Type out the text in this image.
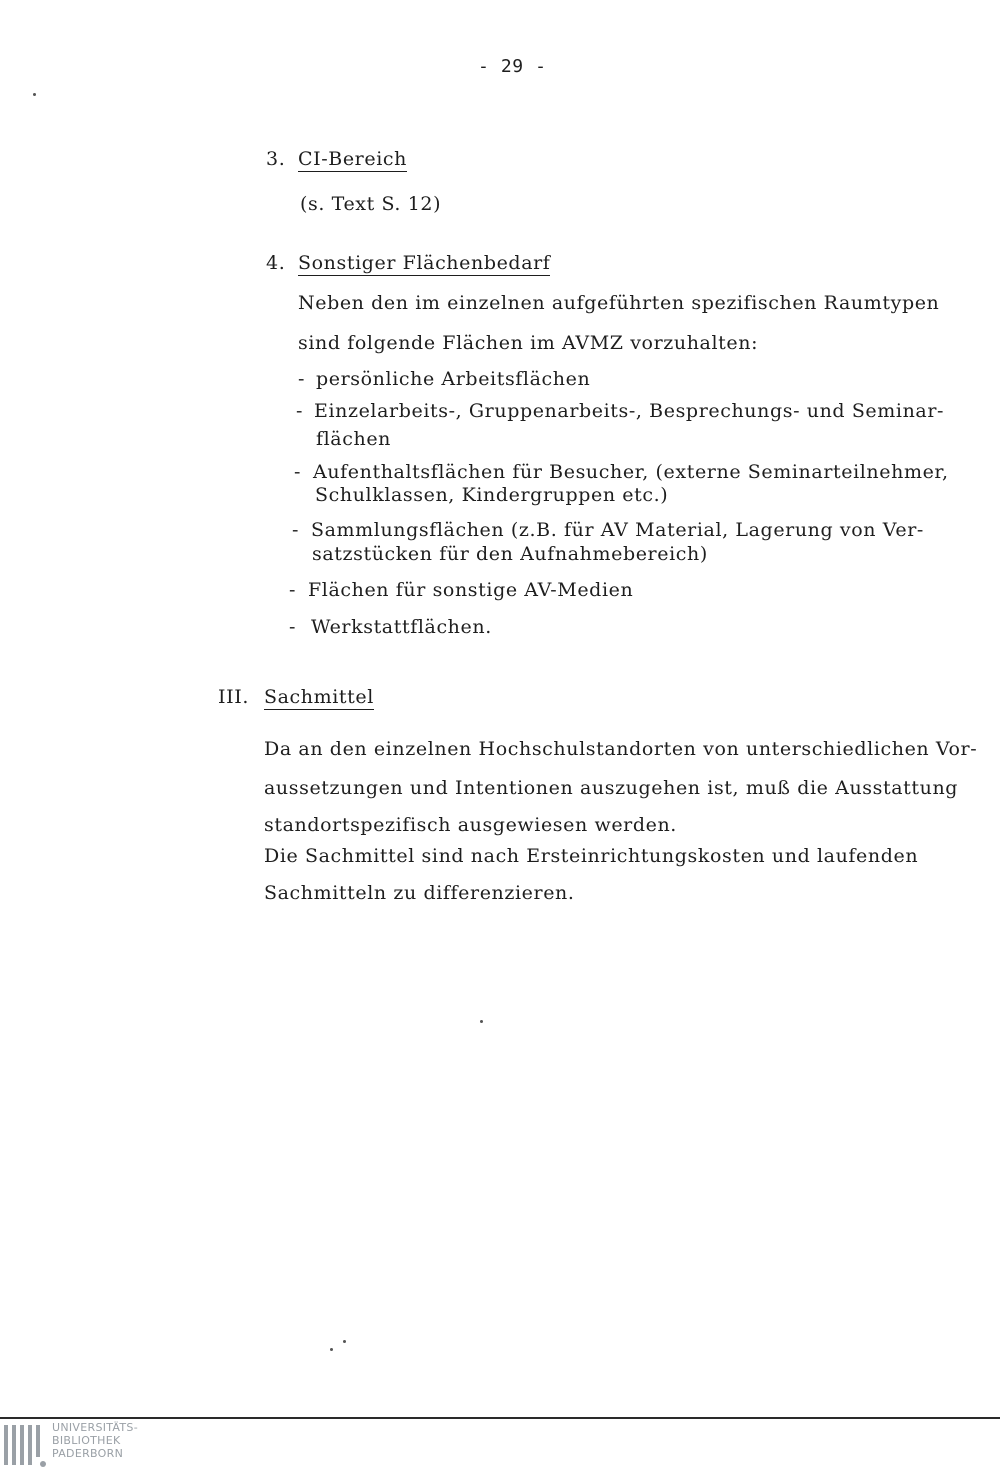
- 29 -
3. CI-Bereich
(s. Text S. 12)
4. Sonstiger Flächenbedarf
Neben den im einzelnen aufgeführten spezifischen Raumtypen
sind folgende Flächen im AVMZ vorzuhalten:
- persönliche Arbeitsflächen
- Einzelarbeits-, Gruppenarbeits-, Besprechungs- und Seminar-
flächen
- Aufenthaltsflächen für Besucher, (externe Seminarteilnehmer,
Schulklassen, Kindergruppen etc.)
- Sammlungsflächen (z.B. für AV Material, Lagerung von Ver-
satzstücken für den Aufnahmebereich)
- Flächen für sonstige AV-Medien
- Werkstattflächen.
III. Sachmittel
Da an den einzelnen Hochschulstandorten von unterschiedlichen Vor-
aussetzungen und Intentionen auszugehen ist, muß die Ausstattung
standortspezifisch ausgewiesen werden.
Die Sachmittel sind nach Ersteinrichtungskosten und laufenden
Sachmitteln zu differenzieren.
UNIVERSITÄTS-
BIBLIOTHEK
PADERBORN
